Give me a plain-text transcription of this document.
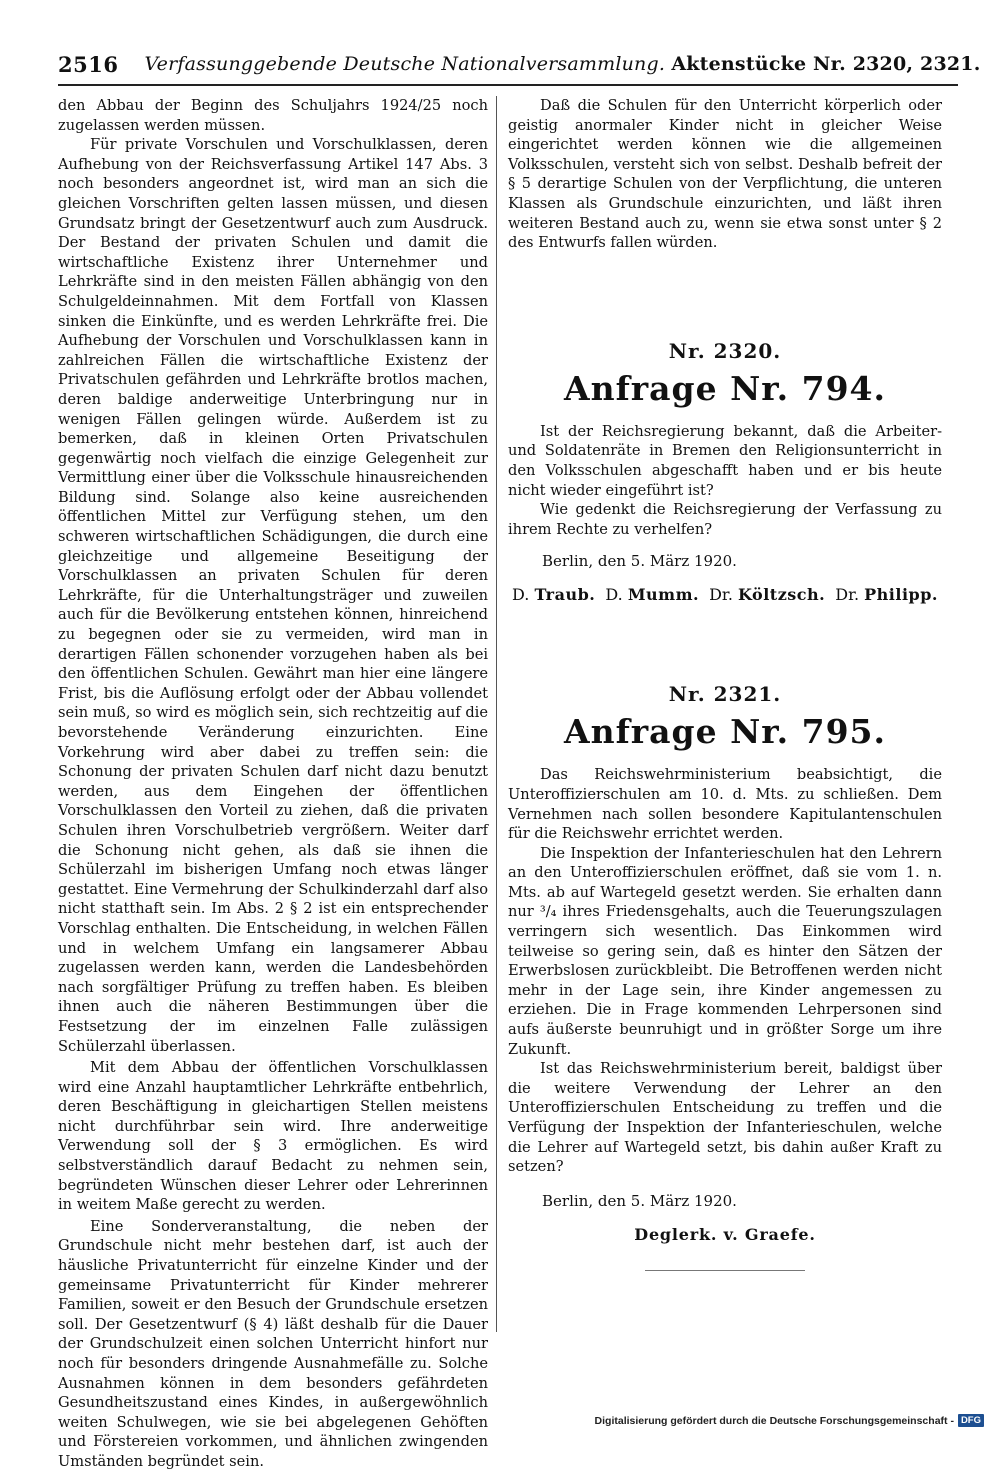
2516 Verfassunggebende Deutsche Nationalversammlung. Aktenstücke Nr. 2320, 2321.

den Abbau der Beginn des Schuljahrs 1924/25 noch zugelassen werden müssen.

Für private Vorschulen und Vorschulklassen, deren Aufhebung von der Reichsverfassung Artikel 147 Abs. 3 noch besonders angeordnet ist, wird man an sich die gleichen Vorschriften gelten lassen müssen, und diesen Grundsatz bringt der Gesetzentwurf auch zum Ausdruck. Der Bestand der privaten Schulen und damit die wirtschaftliche Existenz ihrer Unternehmer und Lehrkräfte sind in den meisten Fällen abhängig von den Schulgeldeinnahmen. Mit dem Fortfall von Klassen sinken die Einkünfte, und es werden Lehrkräfte frei. Die Aufhebung der Vorschulen und Vorschulklassen kann in zahlreichen Fällen die wirtschaftliche Existenz der Privatschulen gefährden und Lehrkräfte brotlos machen, deren baldige anderweitige Unterbringung nur in wenigen Fällen gelingen würde. Außerdem ist zu bemerken, daß in kleinen Orten Privatschulen gegenwärtig noch vielfach die einzige Gelegenheit zur Vermittlung einer über die Volksschule hinausreichenden Bildung sind. Solange also keine ausreichenden öffentlichen Mittel zur Verfügung stehen, um den schweren wirtschaftlichen Schädigungen, die durch eine gleichzeitige und allgemeine Beseitigung der Vorschulklassen an privaten Schulen für deren Lehrkräfte, für die Unterhaltungsträger und zuweilen auch für die Bevölkerung entstehen können, hinreichend zu begegnen oder sie zu vermeiden, wird man in derartigen Fällen schonender vorzugehen haben als bei den öffentlichen Schulen. Gewährt man hier eine längere Frist, bis die Auflösung erfolgt oder der Abbau vollendet sein muß, so wird es möglich sein, sich rechtzeitig auf die bevorstehende Veränderung einzurichten. Eine Vorkehrung wird aber dabei zu treffen sein: die Schonung der privaten Schulen darf nicht dazu benutzt werden, aus dem Eingehen der öffentlichen Vorschulklassen den Vorteil zu ziehen, daß die privaten Schulen ihren Vorschulbetrieb vergrößern. Weiter darf die Schonung nicht gehen, als daß sie ihnen die Schülerzahl im bisherigen Umfang noch etwas länger gestattet. Eine Vermehrung der Schulkinderzahl darf also nicht statthaft sein. Im Abs. 2 § 2 ist ein entsprechender Vorschlag enthalten. Die Entscheidung, in welchen Fällen und in welchem Umfang ein langsamerer Abbau zugelassen werden kann, werden die Landesbehörden nach sorgfältiger Prüfung zu treffen haben. Es bleiben ihnen auch die näheren Bestimmungen über die Festsetzung der im einzelnen Falle zulässigen Schülerzahl überlassen.

Mit dem Abbau der öffentlichen Vorschulklassen wird eine Anzahl hauptamtlicher Lehrkräfte entbehrlich, deren Beschäftigung in gleichartigen Stellen meistens nicht durchführbar sein wird. Ihre anderweitige Verwendung soll der § 3 ermöglichen. Es wird selbstverständlich darauf Bedacht zu nehmen sein, begründeten Wünschen dieser Lehrer oder Lehrerinnen in weitem Maße gerecht zu werden.

Eine Sonderveranstaltung, die neben der Grundschule nicht mehr bestehen darf, ist auch der häusliche Privatunterricht für einzelne Kinder und der gemeinsame Privatunterricht für Kinder mehrerer Familien, soweit er den Besuch der Grundschule ersetzen soll. Der Gesetzentwurf (§ 4) läßt deshalb für die Dauer der Grundschulzeit einen solchen Unterricht hinfort nur noch für besonders dringende Ausnahmefälle zu. Solche Ausnahmen können in dem besonders gefährdeten Gesundheitszustand eines Kindes, in außergewöhnlich weiten Schulwegen, wie sie bei abgelegenen Gehöften und Förstereien vorkommen, und ähnlichen zwingenden Umständen begründet sein.

Daß die Schulen für den Unterricht körperlich oder geistig anormaler Kinder nicht in gleicher Weise eingerichtet werden können wie die allgemeinen Volksschulen, versteht sich von selbst. Deshalb befreit der § 5 derartige Schulen von der Verpflichtung, die unteren Klassen als Grundschule einzurichten, und läßt ihren weiteren Bestand auch zu, wenn sie etwa sonst unter § 2 des Entwurfs fallen würden.

Nr. 2320.
Anfrage Nr. 794.

Ist der Reichsregierung bekannt, daß die Arbeiter- und Soldatenräte in Bremen den Religionsunterricht in den Volksschulen abgeschafft haben und er bis heute nicht wieder eingeführt ist?

Wie gedenkt die Reichsregierung der Verfassung zu ihrem Rechte zu verhelfen?

Berlin, den 5. März 1920.
D. Traub. D. Mumm. Dr. Költzsch. Dr. Philipp.
Nr. 2321.
Anfrage Nr. 795.

Das Reichswehrministerium beabsichtigt, die Unteroffizierschulen am 10. d. Mts. zu schließen. Dem Vernehmen nach sollen besondere Kapitulantenschulen für die Reichswehr errichtet werden.

Die Inspektion der Infanterieschulen hat den Lehrern an den Unteroffizierschulen eröffnet, daß sie vom 1. n. Mts. ab auf Wartegeld gesetzt werden. Sie erhalten dann nur ³/₄ ihres Friedensgehalts, auch die Teuerungszulagen verringern sich wesentlich. Das Einkommen wird teilweise so gering sein, daß es hinter den Sätzen der Erwerbslosen zurückbleibt. Die Betroffenen werden nicht mehr in der Lage sein, ihre Kinder angemessen zu erziehen. Die in Frage kommenden Lehrpersonen sind aufs äußerste beunruhigt und in größter Sorge um ihre Zukunft.

Ist das Reichswehrministerium bereit, baldigst über die weitere Verwendung der Lehrer an den Unteroffizierschulen Entscheidung zu treffen und die Verfügung der Inspektion der Infanterieschulen, welche die Lehrer auf Wartegeld setzt, bis dahin außer Kraft zu setzen?

Berlin, den 5. März 1920.
Deglerk. v. Graefe.
Digitalisierung gefördert durch die Deutsche Forschungsgemeinschaft - DFG
